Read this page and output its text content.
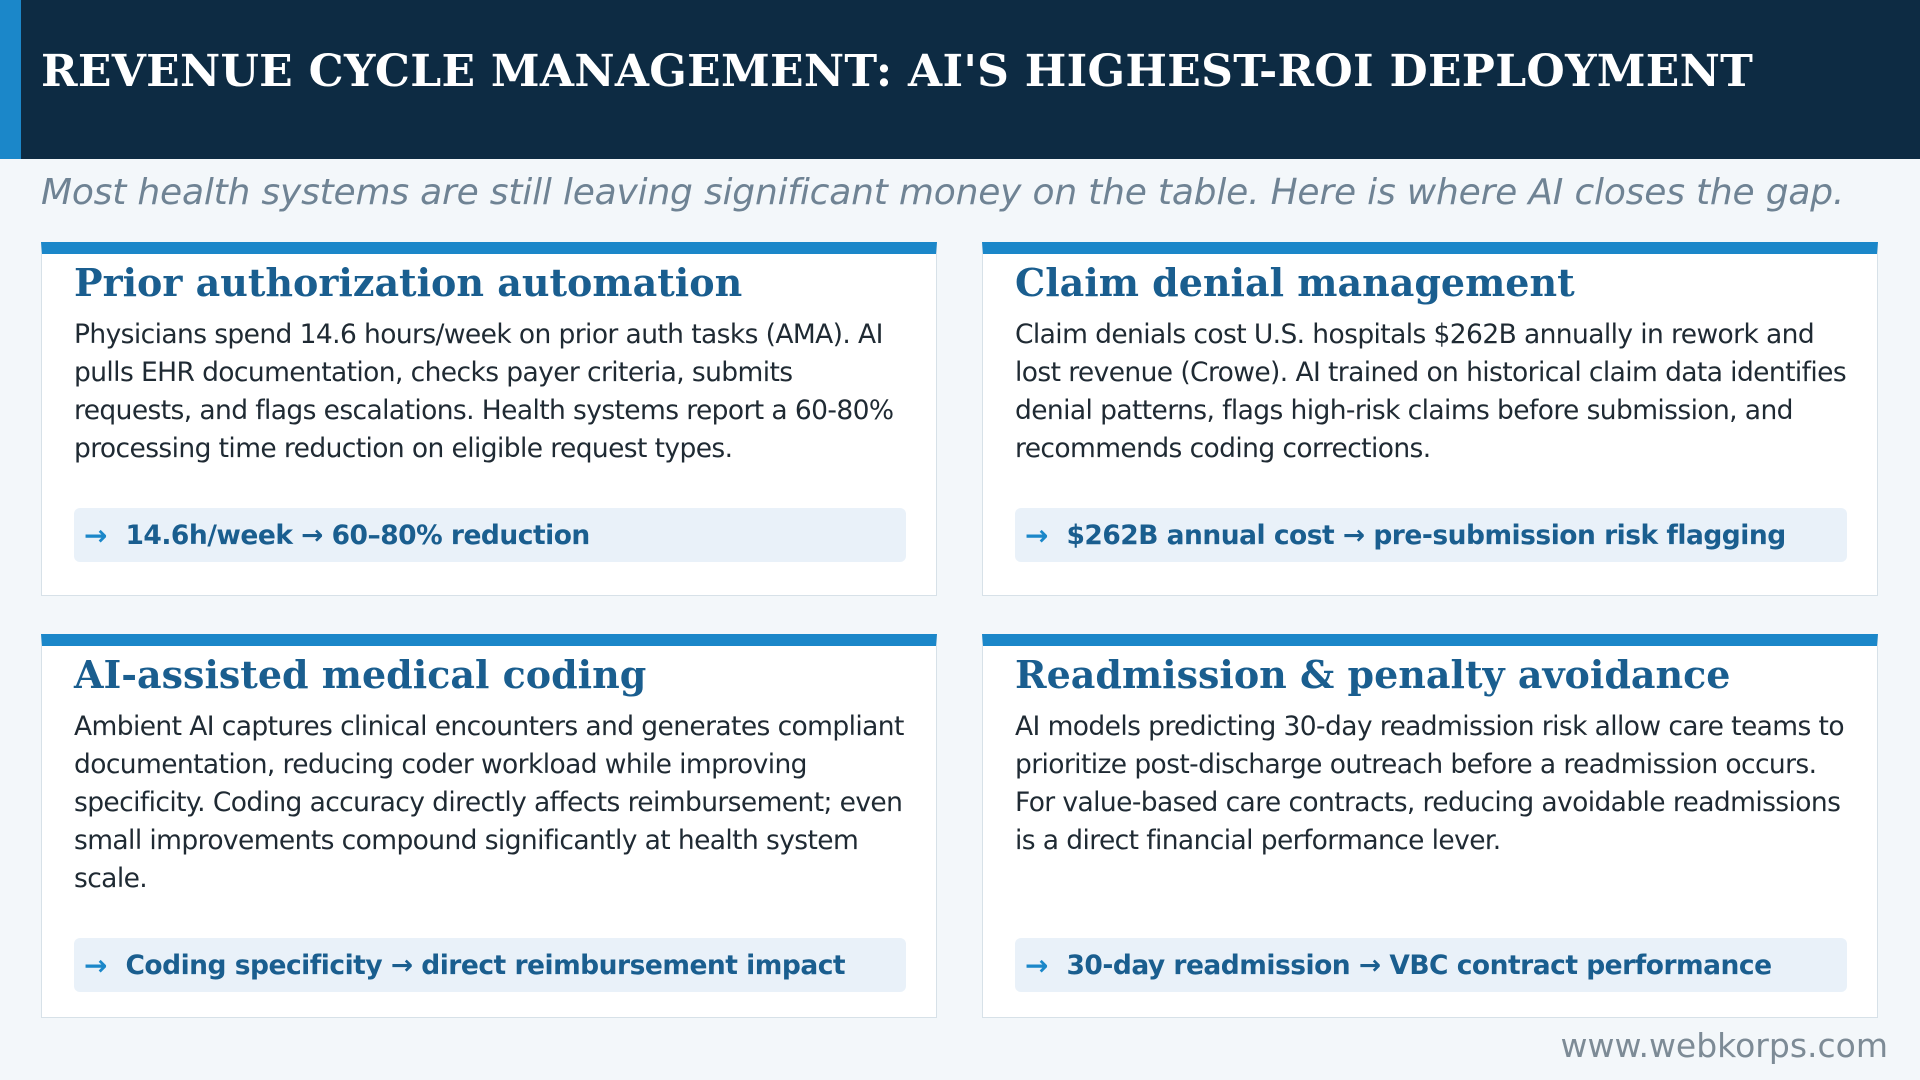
REVENUE CYCLE MANAGEMENT: AI'S HIGHEST-ROI DEPLOYMENT
Most health systems are still leaving significant money on the table. Here is where AI closes the gap.
Prior authorization automation
Physicians spend 14.6 hours/week on prior auth tasks (AMA). AI pulls EHR documentation, checks payer criteria, submits requests, and flags escalations. Health systems report a 60-80% processing time reduction on eligible request types.
→ 14.6h/week → 60–80% reduction
Claim denial management
Claim denials cost U.S. hospitals $262B annually in rework and lost revenue (Crowe). AI trained on historical claim data identifies denial patterns, flags high-risk claims before submission, and recommends coding corrections.
→ $262B annual cost → pre-submission risk flagging
AI-assisted medical coding
Ambient AI captures clinical encounters and generates compliant documentation, reducing coder workload while improving specificity. Coding accuracy directly affects reimbursement; even small improvements compound significantly at health system scale.
→ Coding specificity → direct reimbursement impact
Readmission & penalty avoidance
AI models predicting 30-day readmission risk allow care teams to prioritize post-discharge outreach before a readmission occurs. For value-based care contracts, reducing avoidable readmissions is a direct financial performance lever.
→ 30-day readmission → VBC contract performance
www.webkorps.com
